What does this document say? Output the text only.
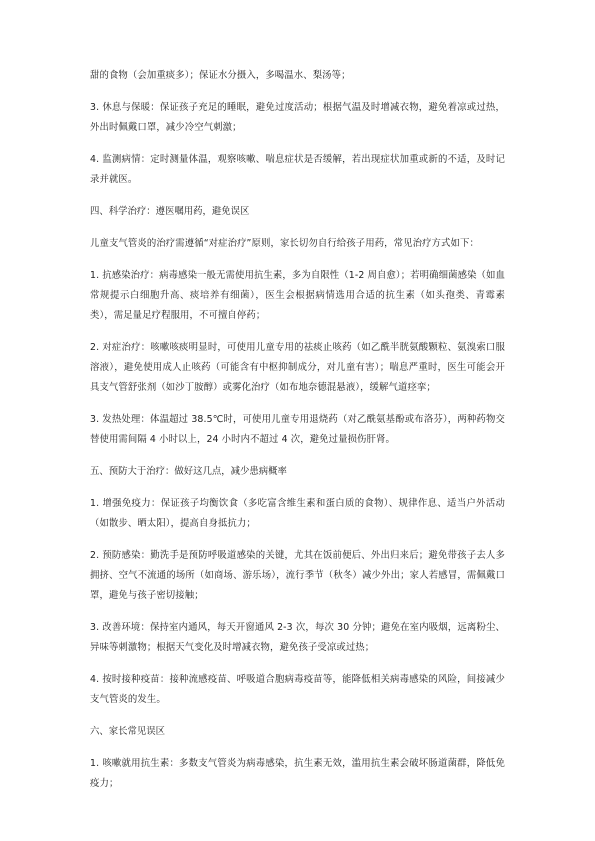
甜的食物（会加重痰多）；保证水分摄入，多喝温水、梨汤等；

3. 休息与保暖：保证孩子充足的睡眠，避免过度活动；根据气温及时增减衣物，避免着凉或过热，外出时佩戴口罩，减少冷空气刺激；

4. 监测病情：定时测量体温，观察咳嗽、喘息症状是否缓解，若出现症状加重或新的不适，及时记录并就医。

四、科学治疗：遵医嘱用药，避免误区

儿童支气管炎的治疗需遵循“对症治疗”原则，家长切勿自行给孩子用药，常见治疗方式如下：

1. 抗感染治疗：病毒感染一般无需使用抗生素，多为自限性（1-2 周自愈）；若明确细菌感染（如血常规提示白细胞升高、痰培养有细菌），医生会根据病情选用合适的抗生素（如头孢类、青霉素类），需足量足疗程服用，不可擅自停药；

2. 对症治疗：咳嗽咳痰明显时，可使用儿童专用的祛痰止咳药（如乙酰半胱氨酸颗粒、氨溴索口服溶液），避免使用成人止咳药（可能含有中枢抑制成分，对儿童有害）；喘息严重时，医生可能会开具支气管舒张剂（如沙丁胺醇）或雾化治疗（如布地奈德混悬液），缓解气道痉挛；

3. 发热处理：体温超过 38.5℃时，可使用儿童专用退烧药（对乙酰氨基酚或布洛芬），两种药物交替使用需间隔 4 小时以上，24 小时内不超过 4 次，避免过量损伤肝肾。

五、预防大于治疗：做好这几点，减少患病概率

1. 增强免疫力：保证孩子均衡饮食（多吃富含维生素和蛋白质的食物）、规律作息、适当户外活动（如散步、晒太阳），提高自身抵抗力；

2. 预防感染：勤洗手是预防呼吸道感染的关键，尤其在饭前便后、外出归来后；避免带孩子去人多拥挤、空气不流通的场所（如商场、游乐场），流行季节（秋冬）减少外出；家人若感冒，需佩戴口罩，避免与孩子密切接触；

3. 改善环境：保持室内通风，每天开窗通风 2-3 次，每次 30 分钟；避免在室内吸烟，远离粉尘、异味等刺激物；根据天气变化及时增减衣物，避免孩子受凉或过热；

4. 按时接种疫苗：接种流感疫苗、呼吸道合胞病毒疫苗等，能降低相关病毒感染的风险，间接减少支气管炎的发生。

六、家长常见误区

1. 咳嗽就用抗生素：多数支气管炎为病毒感染，抗生素无效，滥用抗生素会破坏肠道菌群，降低免疫力；
